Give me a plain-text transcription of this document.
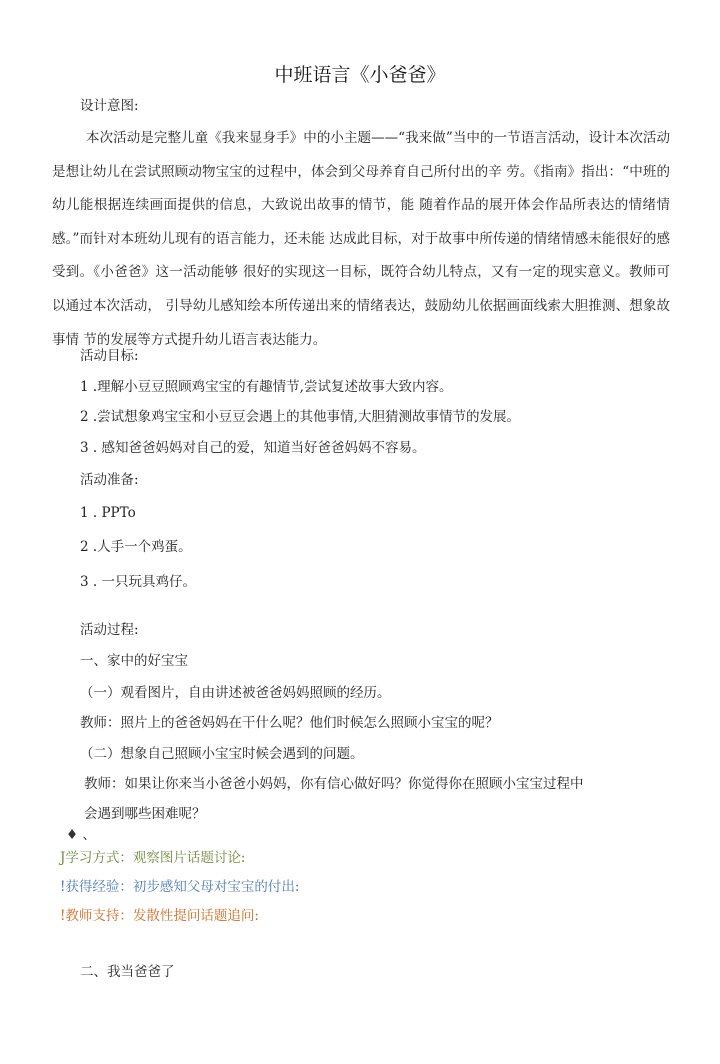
中班语言《小爸爸》
设计意图:
本次活动是完整儿童《我来显身手》中的小主题——“我来做”当中的一节语言活动，设计本次活动是想让幼儿在尝试照顾动物宝宝的过程中，体会到父母养育自己所付出的辛 劳。《指南》指出：“中班的幼儿能根据连续画面提供的信息，大致说出故事的情节，能 随着作品的展开体会作品所表达的情绪情感。”而针对本班幼儿现有的语言能力，还未能 达成此目标，对于故事中所传递的情绪情感未能很好的感受到。《小爸爸》这一活动能够 很好的实现这一目标，既符合幼儿特点，又有一定的现实意义。教师可以通过本次活动， 引导幼儿感知绘本所传递出来的情绪表达，鼓励幼儿依据画面线索大胆推测、想象故事情 节的发展等方式提升幼儿语言表达能力。
活动目标:
1 .理解小豆豆照顾鸡宝宝的有趣情节,尝试复述故事大致内容。
2 .尝试想象鸡宝宝和小豆豆会遇上的其他事情,大胆猜测故事情节的发展。
3 . 感知爸爸妈妈对自己的爱，知道当好爸爸妈妈不容易。
活动准备:
1 . PPTo
2 .人手一个鸡蛋。
3 . 一只玩具鸡仔。
活动过程:
一、家中的好宝宝
（一）观看图片，自由讲述被爸爸妈妈照顾的经历。
教师：照片上的爸爸妈妈在干什么呢？他们时候怎么照顾小宝宝的呢？
（二）想象自己照顾小宝宝时候会遇到的问题。
教师：如果让你来当小爸爸小妈妈，你有信心做好吗？你觉得你在照顾小宝宝过程中
会遇到哪些困难呢？
♦ 、
J学习方式：观察图片话题讨论:
!获得经验：初步感知父母对宝宝的付出:
!教师支持：发散性提问话题追问:
二、我当爸爸了
